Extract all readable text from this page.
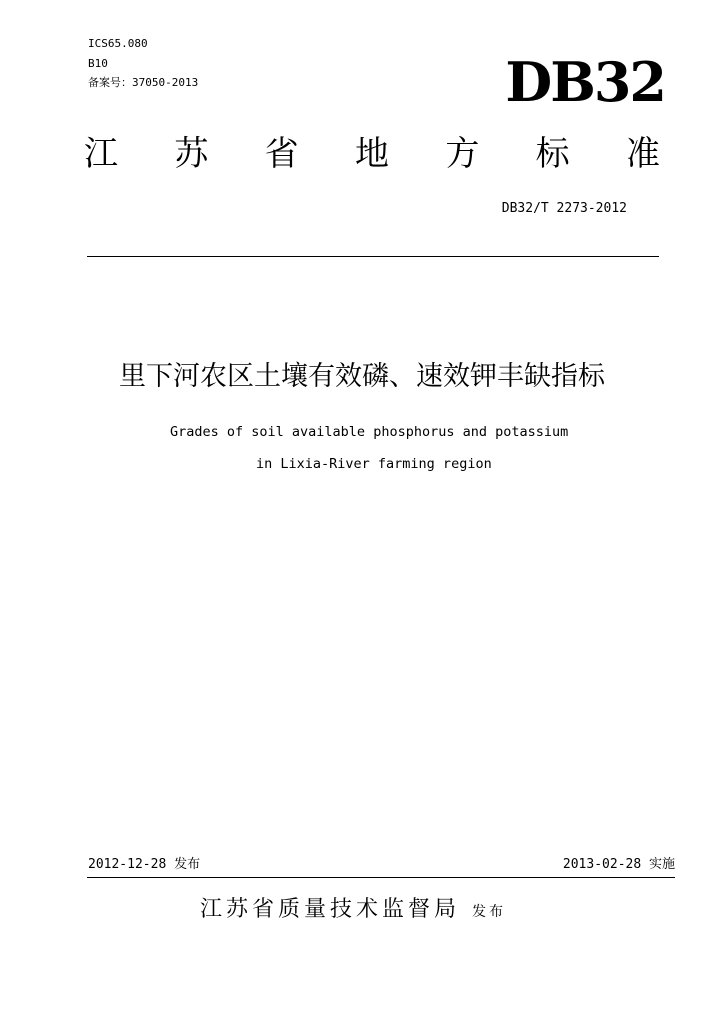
ICS65.080
B10
备案号：37050-2013	DB32
江 苏 省 地 方 标 准
DB32/T 2273-2012
里下河农区土壤有效磷、速效钾丰缺指标
Grades of soil available phosphorus and potassium
in Lixia-River farming region
2012-12-28 发布	2013-02-28 实施
江苏省质量技术监督局 发布
